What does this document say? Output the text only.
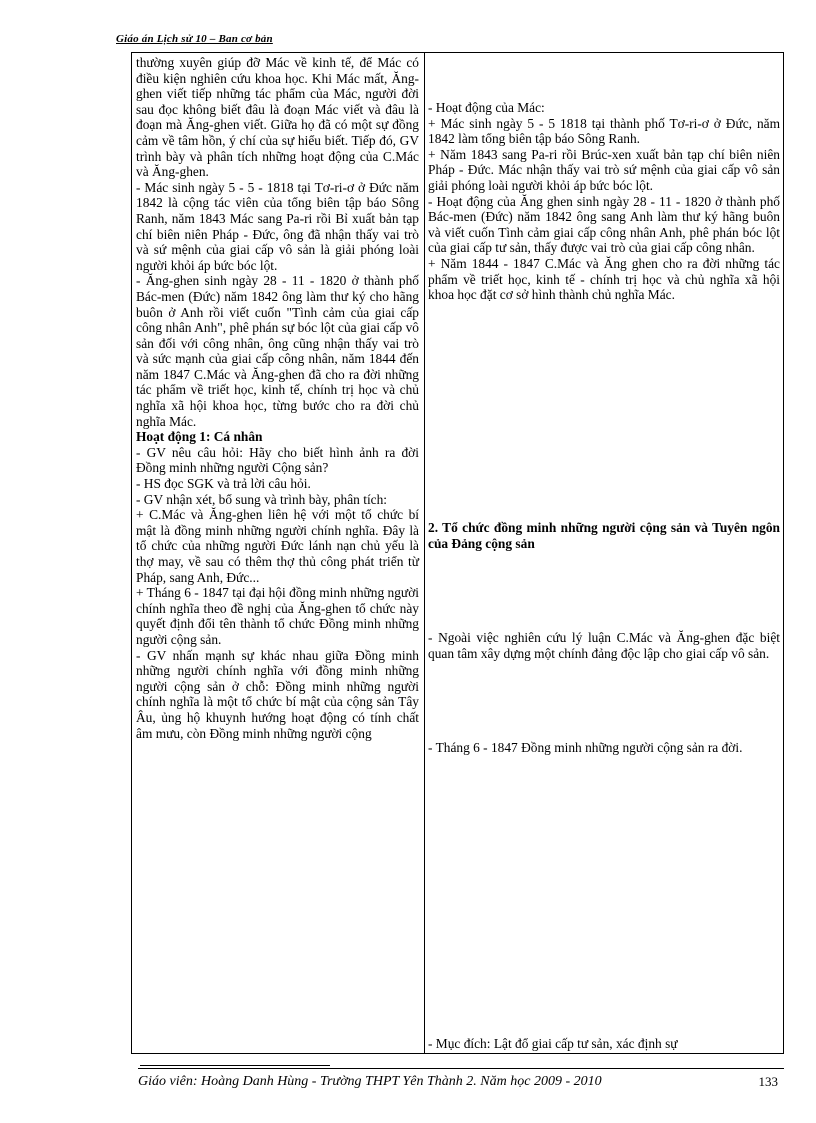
Giáo án Lịch sử 10 – Ban cơ bản

thường xuyên giúp đỡ Mác về kinh tế, để Mác có điều kiện nghiên cứu khoa học. Khi Mác mất, Ăng-ghen viết tiếp những tác phẩm của Mác, người đời sau đọc không biết đâu là đoạn Mác viết và đâu là đoạn mà Ăng-ghen viết. Giữa họ đã có một sự đồng cảm về tâm hồn, ý chí của sự hiểu biết. Tiếp đó, GV trình bày và phân tích những hoạt động của C.Mác và Ăng-ghen.

- Mác sinh ngày 5 - 5 - 1818 tại Tơ-ri-ơ ở Đức năm 1842 là cộng tác viên của tổng biên tập báo Sông Ranh, năm 1843 Mác sang Pa-ri rồi Bỉ xuất bản tạp chí biên niên Pháp - Đức, ông đã nhận thấy vai trò và sứ mệnh của giai cấp vô sản là giải phóng loài người khỏi áp bức bóc lột.

- Ăng-ghen sinh ngày 28 - 11 - 1820 ở thành phố Bác-men (Đức) năm 1842 ông làm thư ký cho hãng buôn ở Anh rồi viết cuốn "Tình cảm của giai cấp công nhân Anh", phê phán sự bóc lột của giai cấp vô sản đối với công nhân, ông cũng nhận thấy vai trò và sức mạnh của giai cấp công nhân, năm 1844 đến năm 1847 C.Mác và Ăng-ghen đã cho ra đời những tác phẩm về triết học, kinh tế, chính trị học và chủ nghĩa xã hội khoa học, từng bước cho ra đời chủ nghĩa Mác.

Hoạt động 1: Cá nhân

- GV nêu câu hỏi: Hãy cho biết hình ảnh ra đời Đồng minh những người Cộng sản?

- HS đọc SGK và trả lời câu hỏi.

- GV nhận xét, bổ sung và trình bày, phân tích:

+ C.Mác và Ăng-ghen liên hệ với một tổ chức bí mật là đồng minh những người chính nghĩa. Đây là tổ chức của những người Đức lánh nạn chủ yếu là thợ may, về sau có thêm thợ thủ công phát triển từ Pháp, sang Anh, Đức...

+ Tháng 6 - 1847 tại đại hội đồng minh những người chính nghĩa theo đề nghị của Ăng-ghen tổ chức này quyết định đổi tên thành tổ chức Đồng minh những người cộng sản.

- GV nhấn mạnh sự khác nhau giữa Đồng minh những người chính nghĩa với đồng minh những người cộng sản ở chỗ: Đồng minh những người chính nghĩa là một tổ chức bí mật của cộng sản Tây Âu, ủng hộ khuynh hướng hoạt động có tính chất âm mưu, còn Đồng minh những người cộng

- Hoạt động của Mác:

+ Mác sinh ngày 5 - 5 1818 tại thành phố Tơ-ri-ơ ở Đức, năm 1842 làm tổng biên tập báo Sông Ranh.

+ Năm 1843 sang Pa-ri rồi Brúc-xen xuất bản tạp chí biên niên Pháp - Đức. Mác nhận thấy vai trò sứ mệnh của giai cấp vô sản giải phóng loài người khỏi áp bức bóc lột.

- Hoạt động của Ăng ghen sinh ngày 28 - 11 - 1820 ở thành phố Bác-men (Đức) năm 1842 ông sang Anh làm thư ký hãng buôn và viết cuốn Tình cảm giai cấp công nhân Anh, phê phán bóc lột của giai cấp tư sản, thấy được vai trò của giai cấp công nhân.

+ Năm 1844 - 1847 C.Mác và Ăng ghen cho ra đời những tác phẩm về triết học, kinh tế - chính trị học và chủ nghĩa xã hội khoa học đặt cơ sở hình thành chủ nghĩa Mác.

2. Tổ chức đồng minh những người cộng sản và Tuyên ngôn của Đảng cộng sản
- Ngoài việc nghiên cứu lý luận C.Mác và Ăng-ghen đặc biệt quan tâm xây dựng một chính đảng độc lập cho giai cấp vô sản.
- Tháng 6 - 1847 Đồng minh những người cộng sản ra đời.
- Mục đích: Lật đổ giai cấp tư sản, xác định sự
Giáo viên: Hoàng Danh Hùng - Trường THPT Yên Thành 2. Năm học 2009 - 2010	133
